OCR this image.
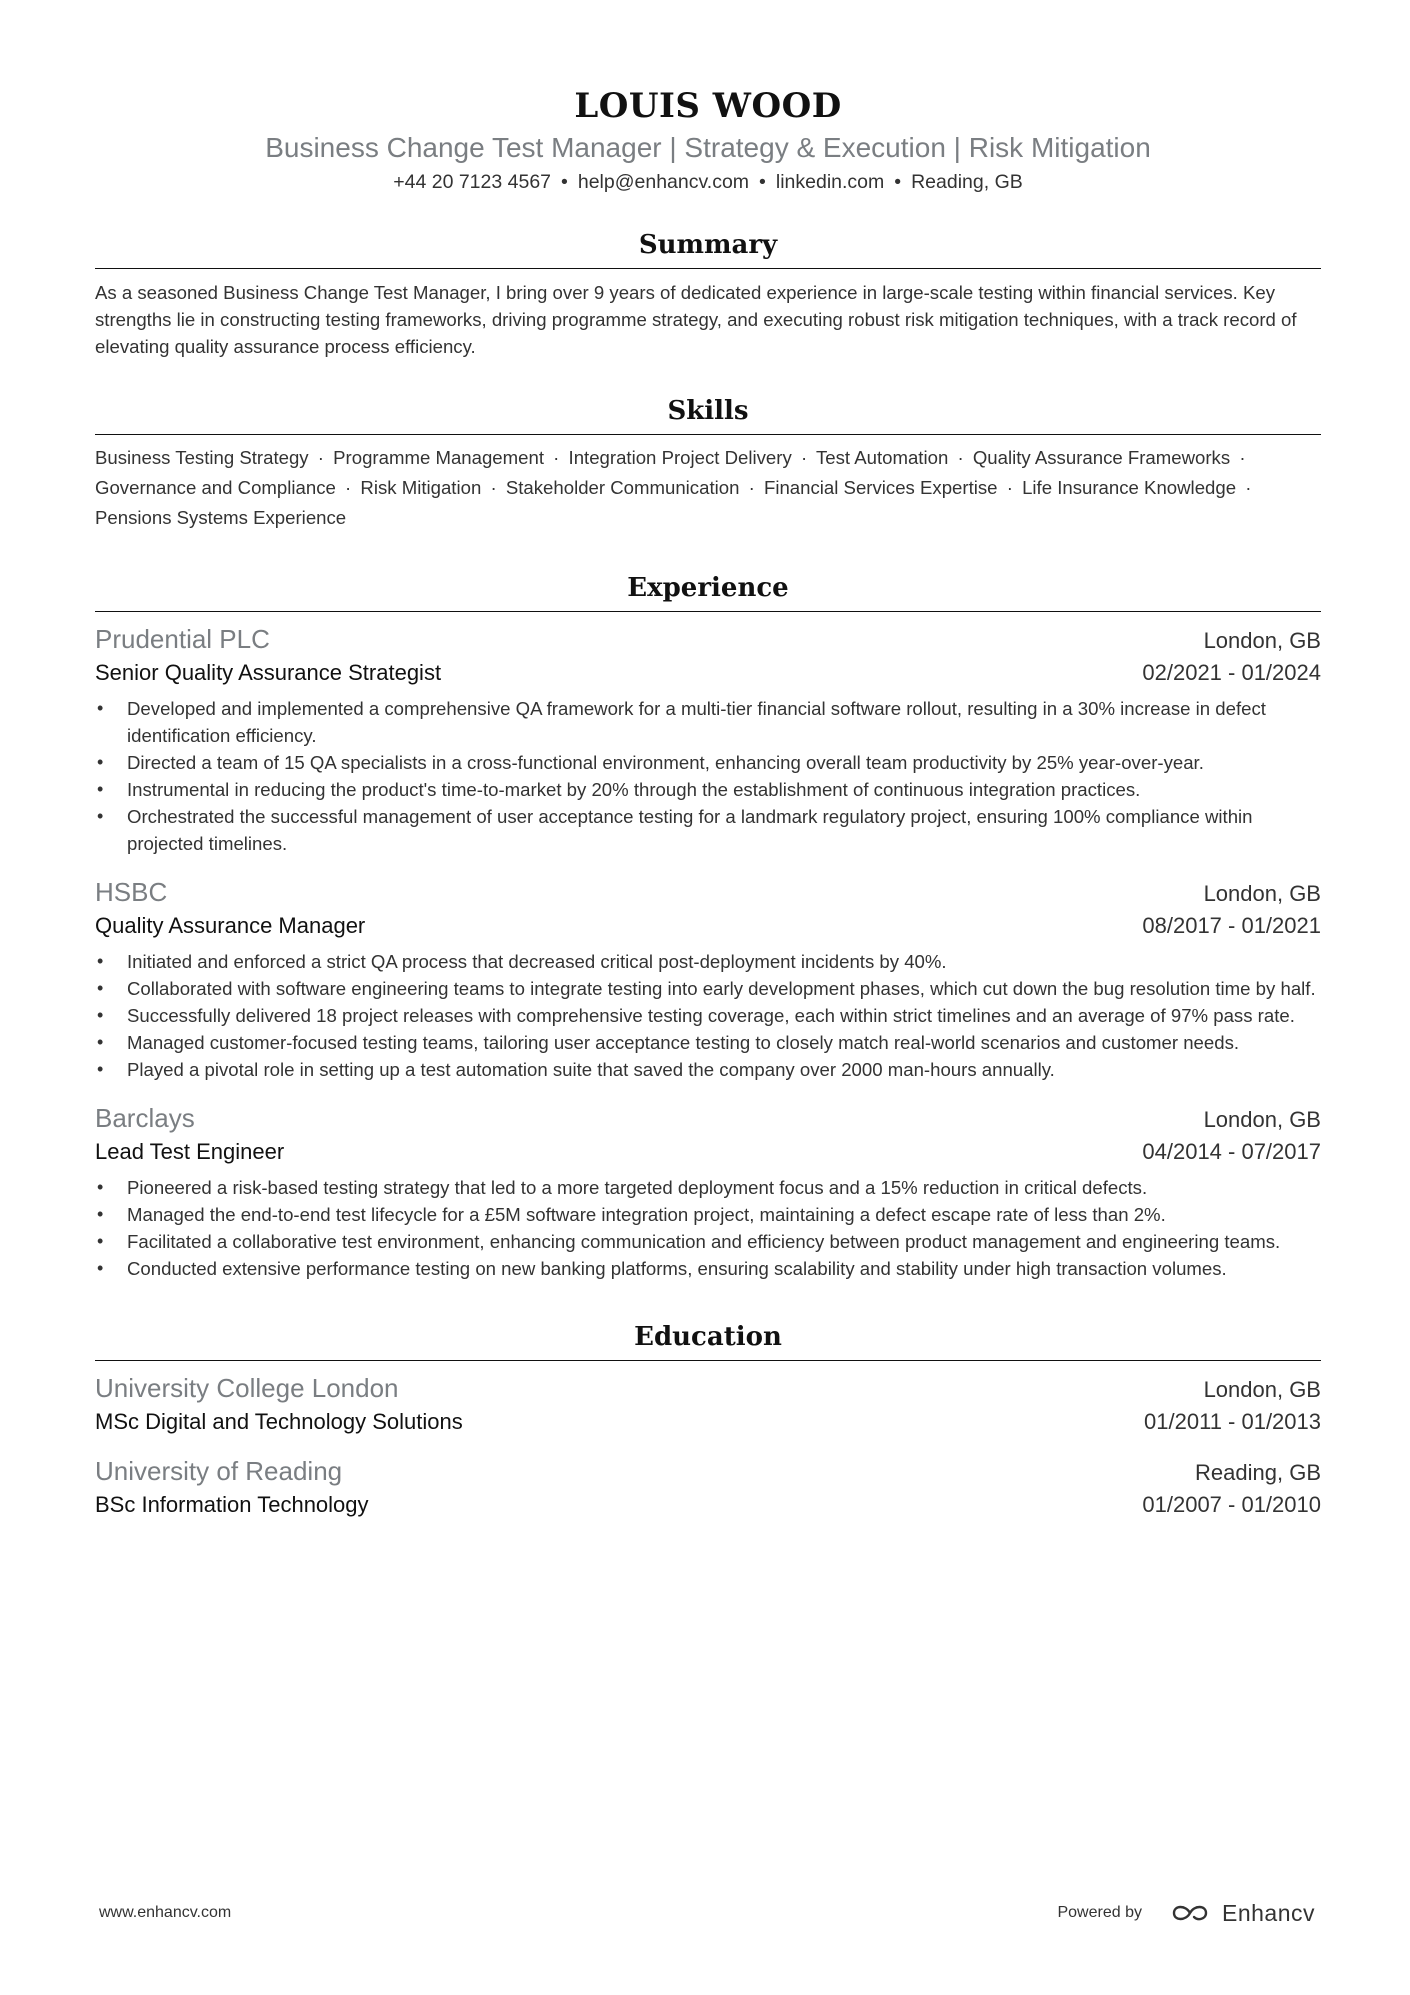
LOUIS WOOD
Business Change Test Manager | Strategy & Execution | Risk Mitigation
+44 20 7123 4567 • help@enhancv.com • linkedin.com • Reading, GB
Summary
As a seasoned Business Change Test Manager, I bring over 9 years of dedicated experience in large-scale testing within financial services. Key strengths lie in constructing testing frameworks, driving programme strategy, and executing robust risk mitigation techniques, with a track record of elevating quality assurance process efficiency.
Skills
Business Testing Strategy · Programme Management · Integration Project Delivery · Test Automation · Quality Assurance Frameworks · Governance and Compliance · Risk Mitigation · Stakeholder Communication · Financial Services Expertise · Life Insurance Knowledge · Pensions Systems Experience
Experience
Prudential PLC	London, GB
Senior Quality Assurance Strategist	02/2021 - 01/2024
• Developed and implemented a comprehensive QA framework for a multi-tier financial software rollout, resulting in a 30% increase in defect identification efficiency.
• Directed a team of 15 QA specialists in a cross-functional environment, enhancing overall team productivity by 25% year-over-year.
• Instrumental in reducing the product's time-to-market by 20% through the establishment of continuous integration practices.
• Orchestrated the successful management of user acceptance testing for a landmark regulatory project, ensuring 100% compliance within projected timelines.
HSBC	London, GB
Quality Assurance Manager	08/2017 - 01/2021
• Initiated and enforced a strict QA process that decreased critical post-deployment incidents by 40%.
• Collaborated with software engineering teams to integrate testing into early development phases, which cut down the bug resolution time by half.
• Successfully delivered 18 project releases with comprehensive testing coverage, each within strict timelines and an average of 97% pass rate.
• Managed customer-focused testing teams, tailoring user acceptance testing to closely match real-world scenarios and customer needs.
• Played a pivotal role in setting up a test automation suite that saved the company over 2000 man-hours annually.
Barclays	London, GB
Lead Test Engineer	04/2014 - 07/2017
• Pioneered a risk-based testing strategy that led to a more targeted deployment focus and a 15% reduction in critical defects.
• Managed the end-to-end test lifecycle for a £5M software integration project, maintaining a defect escape rate of less than 2%.
• Facilitated a collaborative test environment, enhancing communication and efficiency between product management and engineering teams.
• Conducted extensive performance testing on new banking platforms, ensuring scalability and stability under high transaction volumes.
Education
University College London	London, GB
MSc Digital and Technology Solutions	01/2011 - 01/2013
University of Reading	Reading, GB
BSc Information Technology	01/2007 - 01/2010
www.enhancv.com	Powered by	Enhancv
